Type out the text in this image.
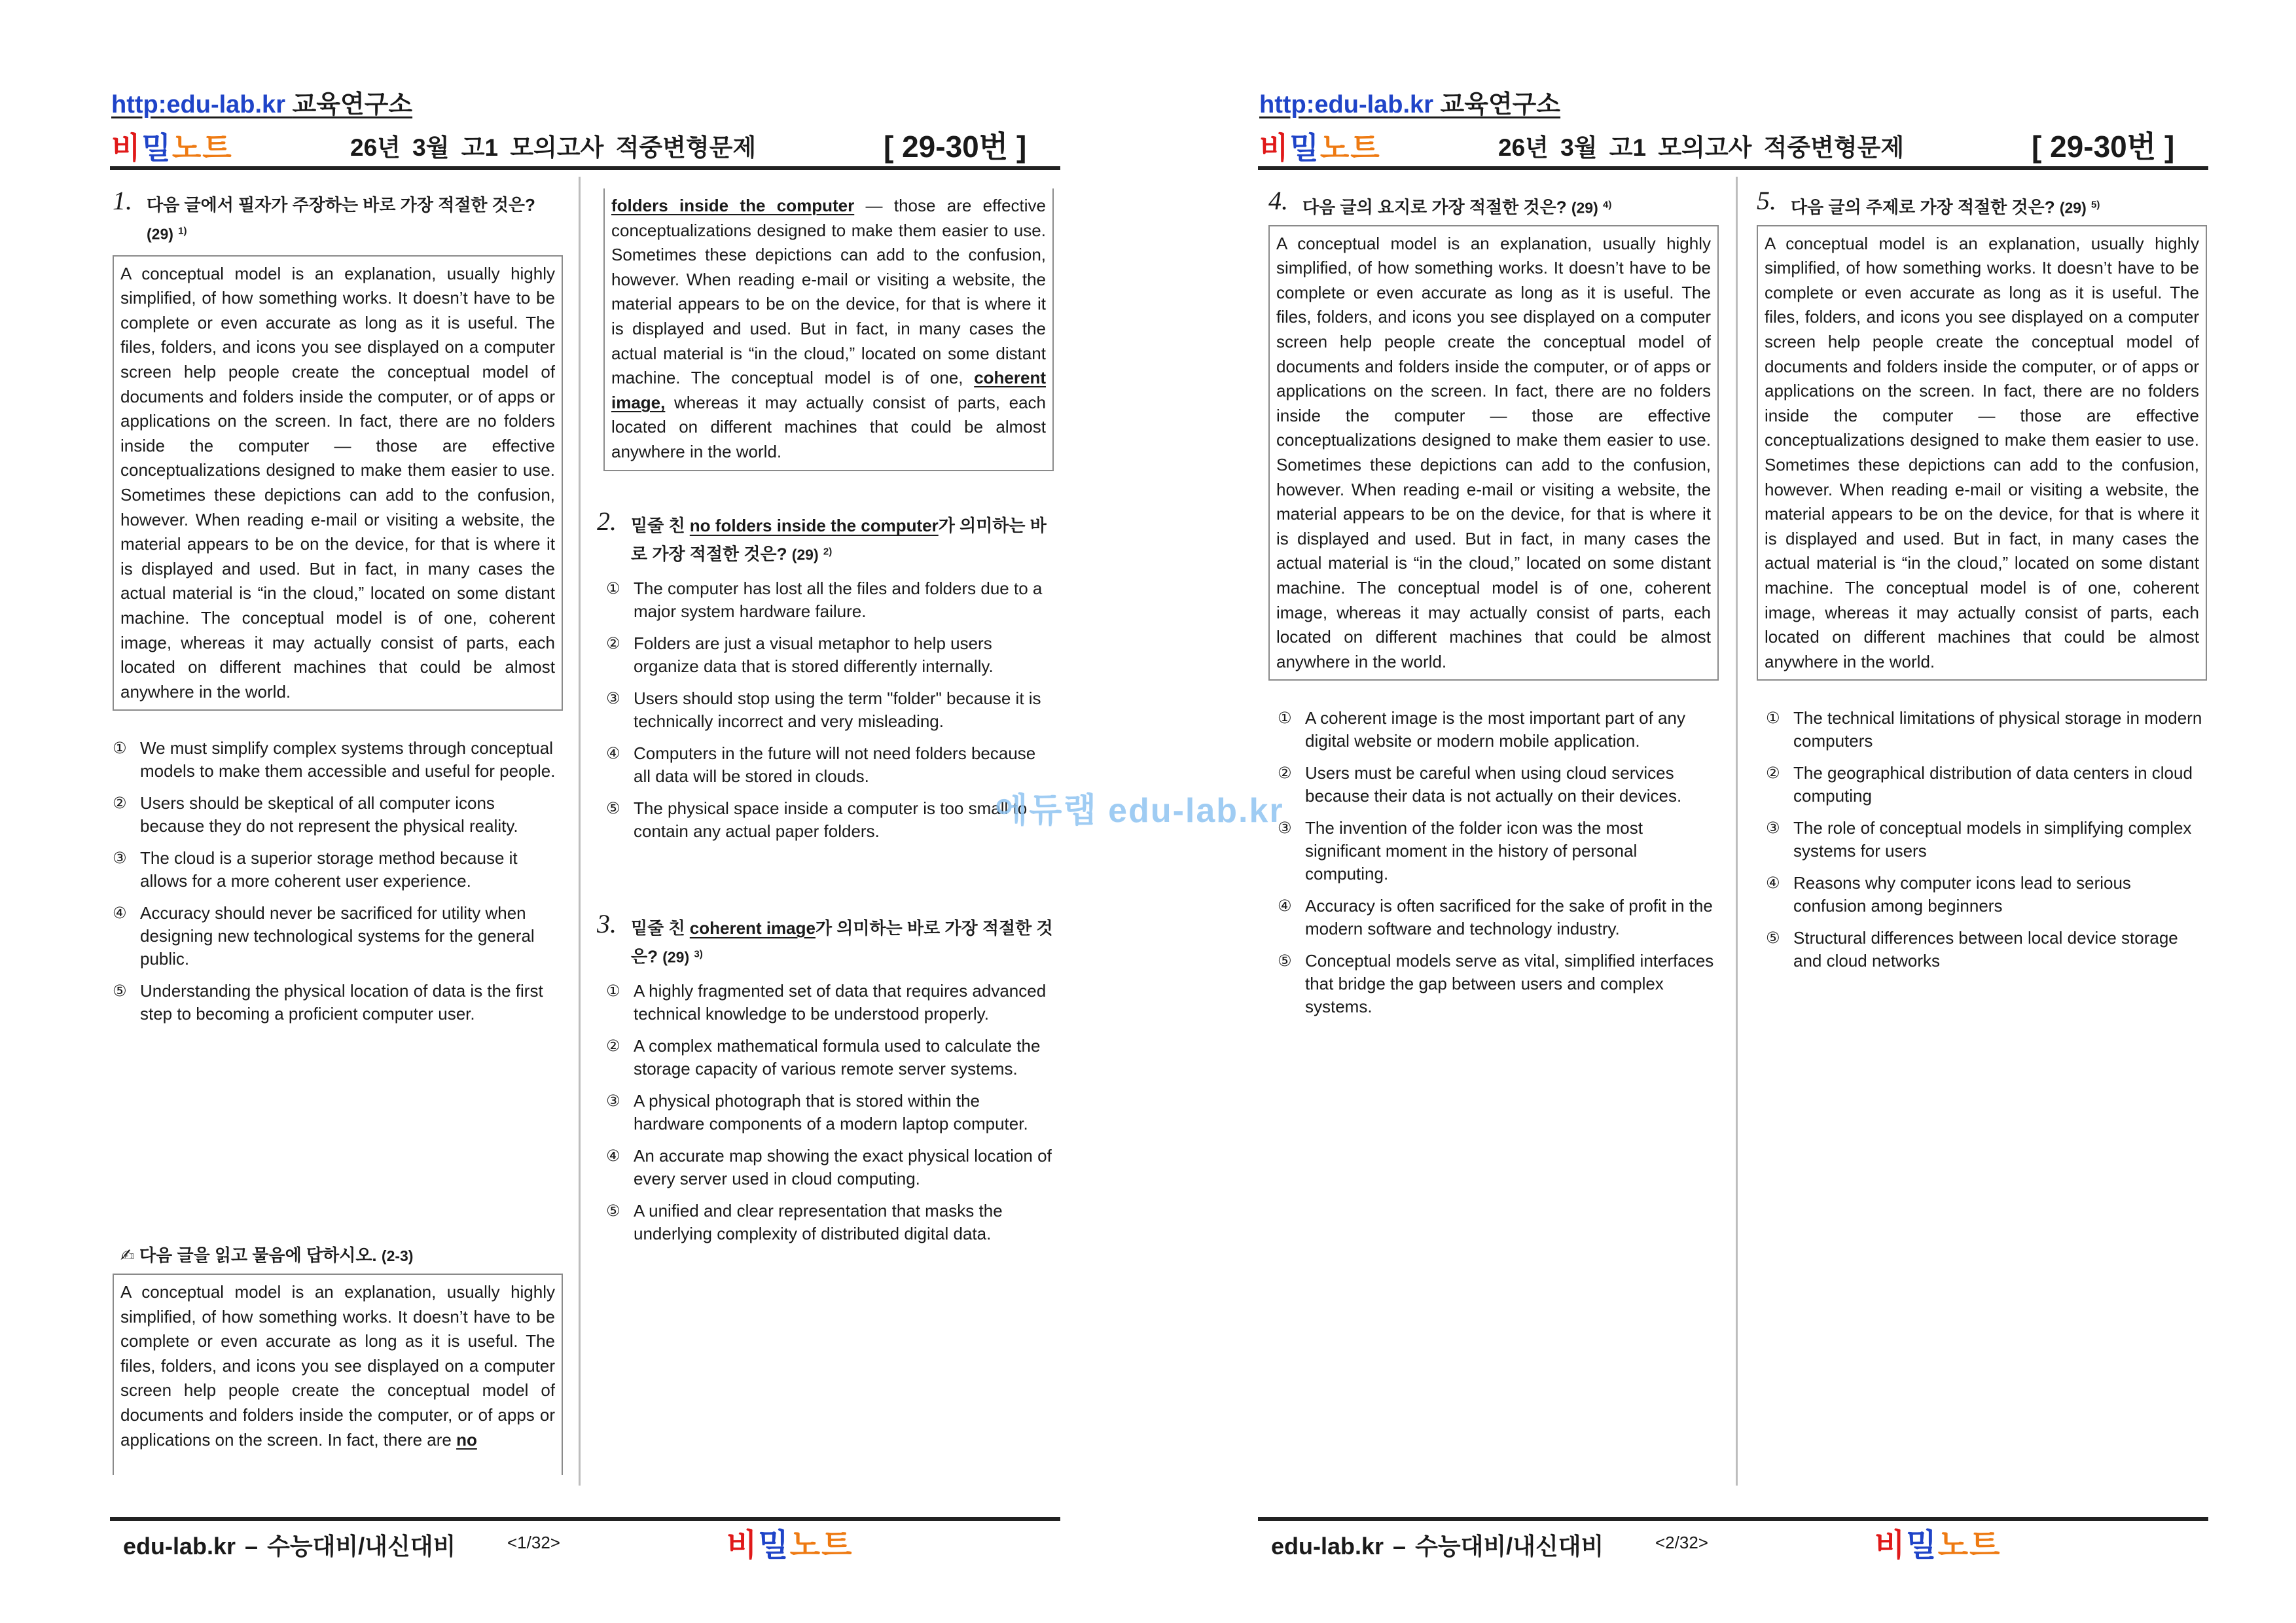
http:edu-lab.kr 교육연구소
비밀노트	26년 3월 고1 모의고사 적중변형문제	[ 29-30번 ]

1. 다음 글에서 필자가 주장하는 바로 가장 적절한 것은? (29) $^{1)}$

A conceptual model is an explanation, usually highly simplified, of how something works. It doesn’t have to be complete or even accurate as long as it is useful. The files, folders, and icons you see displayed on a computer screen help people create the conceptual model of documents and folders inside the computer, or of apps or applications on the screen. In fact, there are no folders inside the computer — those are effective conceptualizations designed to make them easier to use. Sometimes these depictions can add to the confusion, however. When reading e-mail or visiting a website, the material appears to be on the device, for that is where it is displayed and used. But in fact, in many cases the actual material is “in the cloud,” located on some distant machine. The conceptual model is of one, coherent image, whereas it may actually consist of parts, each located on different machines that could be almost anywhere in the world.
① We must simplify complex systems through conceptual models to make them accessible and useful for people.
② Users should be skeptical of all computer icons because they do not represent the physical reality.
③ The cloud is a superior storage method because it allows for a more coherent user experience.
④ Accuracy should never be sacrificed for utility when designing new technological systems for the general public.
⑤ Understanding the physical location of data is the first step to becoming a proficient computer user.
✍ 다음 글을 읽고 물음에 답하시오. (2-3)
A conceptual model is an explanation, usually highly simplified, of how something works. It doesn’t have to be complete or even accurate as long as it is useful. The files, folders, and icons you see displayed on a computer screen help people create the conceptual model of documents and folders inside the computer, or of apps or applications on the screen. In fact, there are no
folders inside the computer — those are effective conceptualizations designed to make them easier to use. Sometimes these depictions can add to the confusion, however. When reading e-mail or visiting a website, the material appears to be on the device, for that is where it is displayed and used. But in fact, in many cases the actual material is “in the cloud,” located on some distant machine. The conceptual model is of one, coherent image, whereas it may actually consist of parts, each located on different machines that could be almost anywhere in the world.

2. 밑줄 친 no folders inside the computer가 의미하는 바로 가장 적절한 것은? (29) $^{2)}$

① The computer has lost all the files and folders due to a major system hardware failure.
② Folders are just a visual metaphor to help users organize data that is stored differently internally.
③ Users should stop using the term "folder" because it is technically incorrect and very misleading.
④ Computers in the future will not need folders because all data will be stored in clouds.
⑤ The physical space inside a computer is too small to contain any actual paper folders.

3. 밑줄 친 coherent image가 의미하는 바로 가장 적절한 것은? (29) $^{3)}$

① A highly fragmented set of data that requires advanced technical knowledge to be understood properly.
② A complex mathematical formula used to calculate the storage capacity of various remote server systems.
③ A physical photograph that is stored within the hardware components of a modern laptop computer.
④ An accurate map showing the exact physical location of every server used in cloud computing.
⑤ A unified and clear representation that masks the underlying complexity of distributed digital data.
edu-lab.kr – 수능대비/내신대비	<1/32>	비밀노트
http:edu-lab.kr 교육연구소
비밀노트	26년 3월 고1 모의고사 적중변형문제	[ 29-30번 ]

4. 다음 글의 요지로 가장 적절한 것은? (29) $^{4)}$

A conceptual model is an explanation, usually highly simplified, of how something works. It doesn’t have to be complete or even accurate as long as it is useful. The files, folders, and icons you see displayed on a computer screen help people create the conceptual model of documents and folders inside the computer, or of apps or applications on the screen. In fact, there are no folders inside the computer — those are effective conceptualizations designed to make them easier to use. Sometimes these depictions can add to the confusion, however. When reading e-mail or visiting a website, the material appears to be on the device, for that is where it is displayed and used. But in fact, in many cases the actual material is “in the cloud,” located on some distant machine. The conceptual model is of one, coherent image, whereas it may actually consist of parts, each located on different machines that could be almost anywhere in the world.
① A coherent image is the most important part of any digital website or modern mobile application.
② Users must be careful when using cloud services because their data is not actually on their devices.
③ The invention of the folder icon was the most significant moment in the history of personal computing.
④ Accuracy is often sacrificed for the sake of profit in the modern software and technology industry.
⑤ Conceptual models serve as vital, simplified interfaces that bridge the gap between users and complex systems.

5. 다음 글의 주제로 가장 적절한 것은? (29) $^{5)}$

A conceptual model is an explanation, usually highly simplified, of how something works. It doesn’t have to be complete or even accurate as long as it is useful. The files, folders, and icons you see displayed on a computer screen help people create the conceptual model of documents and folders inside the computer, or of apps or applications on the screen. In fact, there are no folders inside the computer — those are effective conceptualizations designed to make them easier to use. Sometimes these depictions can add to the confusion, however. When reading e-mail or visiting a website, the material appears to be on the device, for that is where it is displayed and used. But in fact, in many cases the actual material is “in the cloud,” located on some distant machine. The conceptual model is of one, coherent image, whereas it may actually consist of parts, each located on different machines that could be almost anywhere in the world.
① The technical limitations of physical storage in modern computers
② The geographical distribution of data centers in cloud computing
③ The role of conceptual models in simplifying complex systems for users
④ Reasons why computer icons lead to serious confusion among beginners
⑤ Structural differences between local device storage and cloud networks
edu-lab.kr – 수능대비/내신대비	<2/32>	비밀노트
에듀랩 edu-lab.kr
